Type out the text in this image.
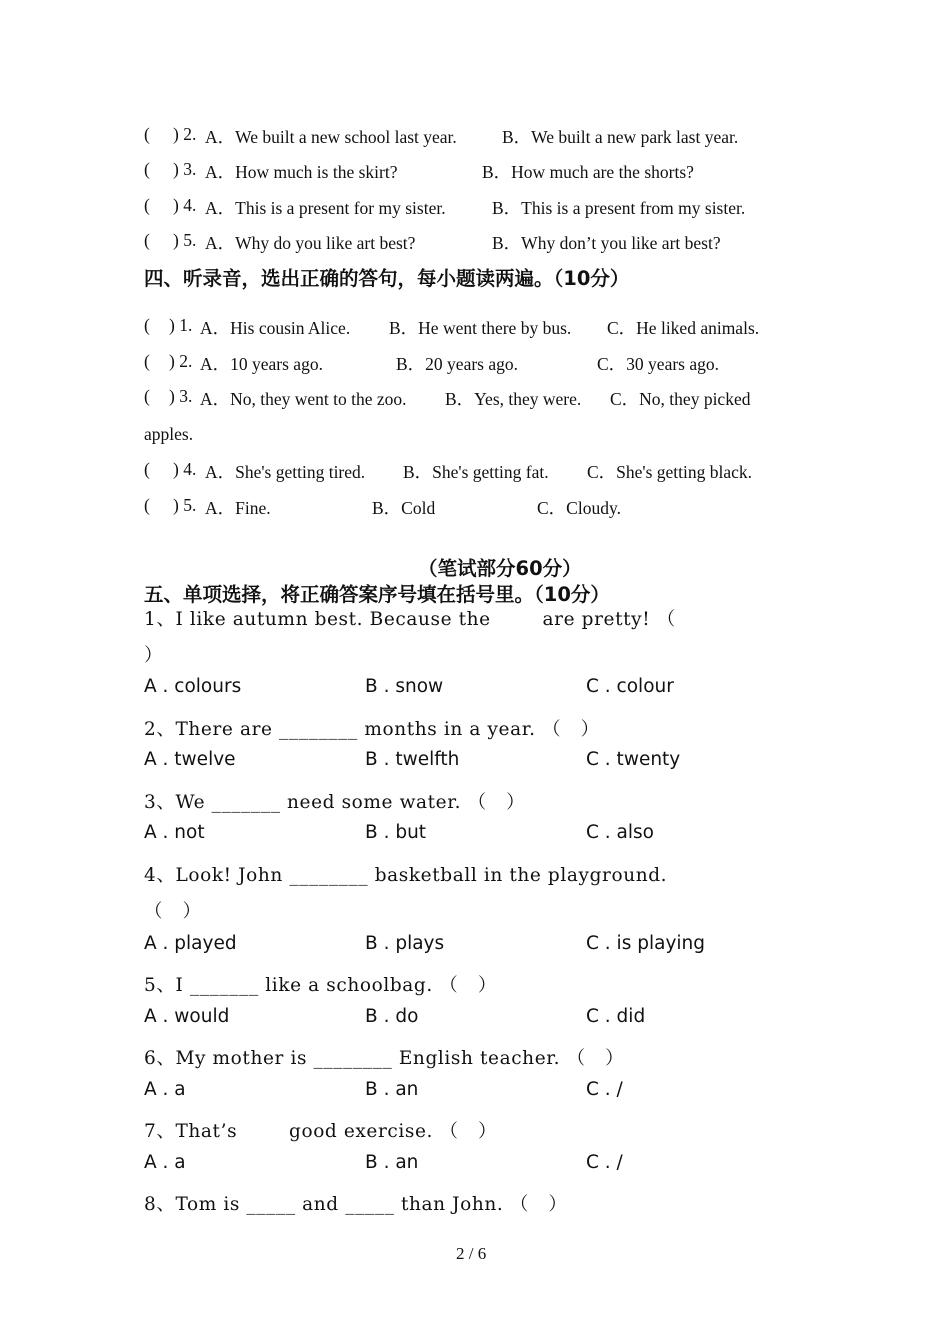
( ) 2. A．We built a new school last year.	B．We built a new park last year.
( ) 3. A．How much is the skirt?	B．How much are the shorts?
( ) 4. A．This is a present for my sister.	B．This is a present from my sister.
( ) 5. A．Why do you like art best?	B．Why don’t you like art best?
四、听录音，选出正确的答句，每小题读两遍。（10分）
( ) 1. A．His cousin Alice. B．He went there by bus. C．He liked animals.
( ) 2. A．10 years ago.	B．20 years ago.	C．30 years ago.
( ) 3. A．No, they went to the zoo. B．Yes, they were. C．No, they picked
apples.
( ) 4. A．She's getting tired. B．She's getting fat. C．She's getting black.
( ) 5. A．Fine.	B．Cold	C．Cloudy.
（笔试部分60分）
五、单项选择，将正确答案序号填在括号里。（10分）
1、I like autumn best. Because the        are pretty! （
）
A . colours	B . snow	C . colour
2、There are ________ months in a year. （   ）
A . twelve	B . twelfth	C . twenty
3、We _______ need some water. （   ）
A . not	B . but	C . also
4、Look! John ________ basketball in the playground.
（   ）
A . played	B . plays	C . is playing
5、I _______ like a schoolbag. （   ）
A . would	B . do	C . did
6、My mother is ________ English teacher. （   ）
A . a	B . an	C . /
7、That’s        good exercise. （   ）
A . a	B . an	C . /
8、Tom is _____ and _____ than John. （   ）
2 / 6
